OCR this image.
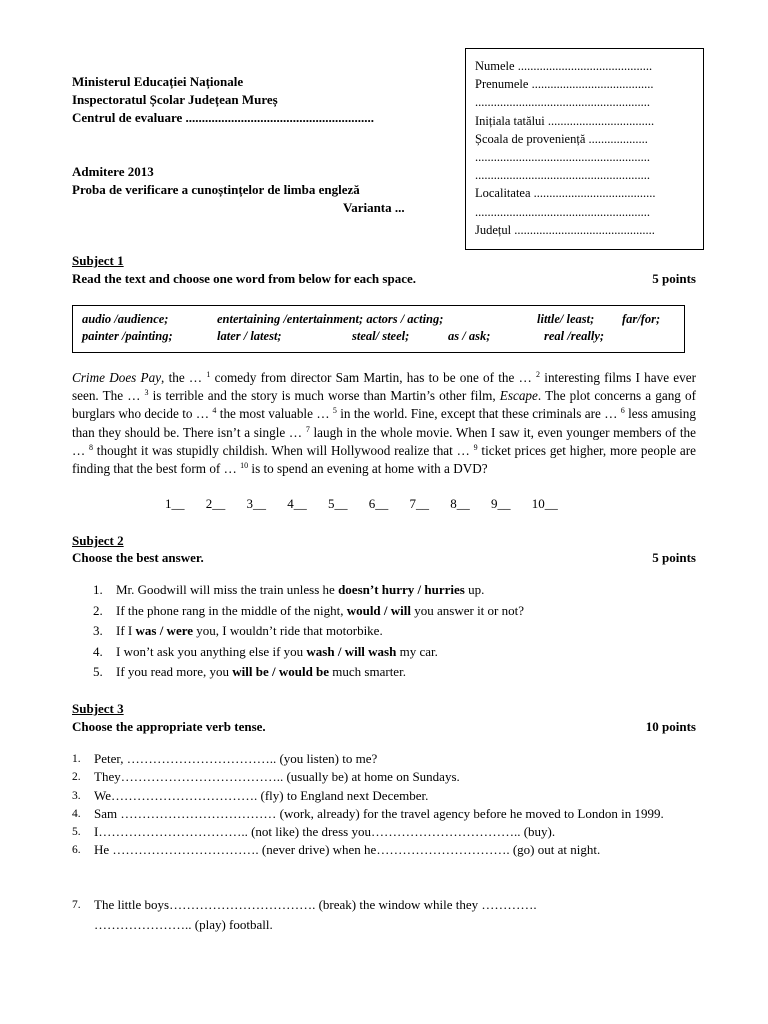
Ministerul Educației Naționale
Inspectoratul Școlar Județean Mureș
Centrul de evaluare ..........................................................
Admitere 2013
Proba de verificare a cunoștințelor de limba engleză
Varianta ...
Numele ...........................................
Prenumele .......................................
........................................................
Inițiala tatălui ..................................
Școala de proveniență ...................
........................................................
........................................................
Localitatea .......................................
........................................................
Județul .............................................
Subject 1
Read the text and choose one word from below for each space.	5 points
audio /audience;	entertaining /entertainment; actors / acting;	little/ least; far/for;
painter /painting;	later / latest;	steal/ steel;	as / ask;	real /really;
Crime Does Pay, the … $^1$ comedy from director Sam Martin, has to be one of the … $^2$ interesting films I have ever seen. The … $^3$ is terrible and the story is much worse than Martin’s other film, Escape. The plot concerns a gang of burglars who decide to … $^4$ the most valuable … $^5$ in the world. Fine, except that these criminals are … $^6$ less amusing than they should be. There isn’t a single … $^7$ laugh in the whole movie. When I saw it, even younger members of the … $^8$ thought it was stupidly childish. When will Hollywood realize that … $^9$ ticket prices get higher, more people are finding that the best form of … $^{10}$ is to spend an evening at home with a DVD?
1__ 2__ 3__ 4__ 5__ 6__ 7__ 8__ 9__ 10__
Subject 2
Choose the best answer.	5 points
1. Mr. Goodwill will miss the train unless he doesn’t hurry / hurries up.
2. If the phone rang in the middle of the night, would / will you answer it or not?
3. If I was / were you, I wouldn’t ride that motorbike.
4. I won’t ask you anything else if you wash / will wash my car.
5. If you read more, you will be / would be much smarter.
Subject 3
Choose the appropriate verb tense.	10 points
1. Peter, …………………………….. (you listen) to me?
2. They……………………………….. (usually be) at home on Sundays.
3. We……………………………. (fly) to England next December.
4. Sam ……………………………… (work, already) for the travel agency before he moved to London in 1999.
5. I…………………………….. (not like) the dress you…………………………….. (buy).
6. He ……………………………. (never drive) when he…………………………. (go) out at night.
7. The little boys……………………………. (break) the window while they …………. ………………….. (play) football.
